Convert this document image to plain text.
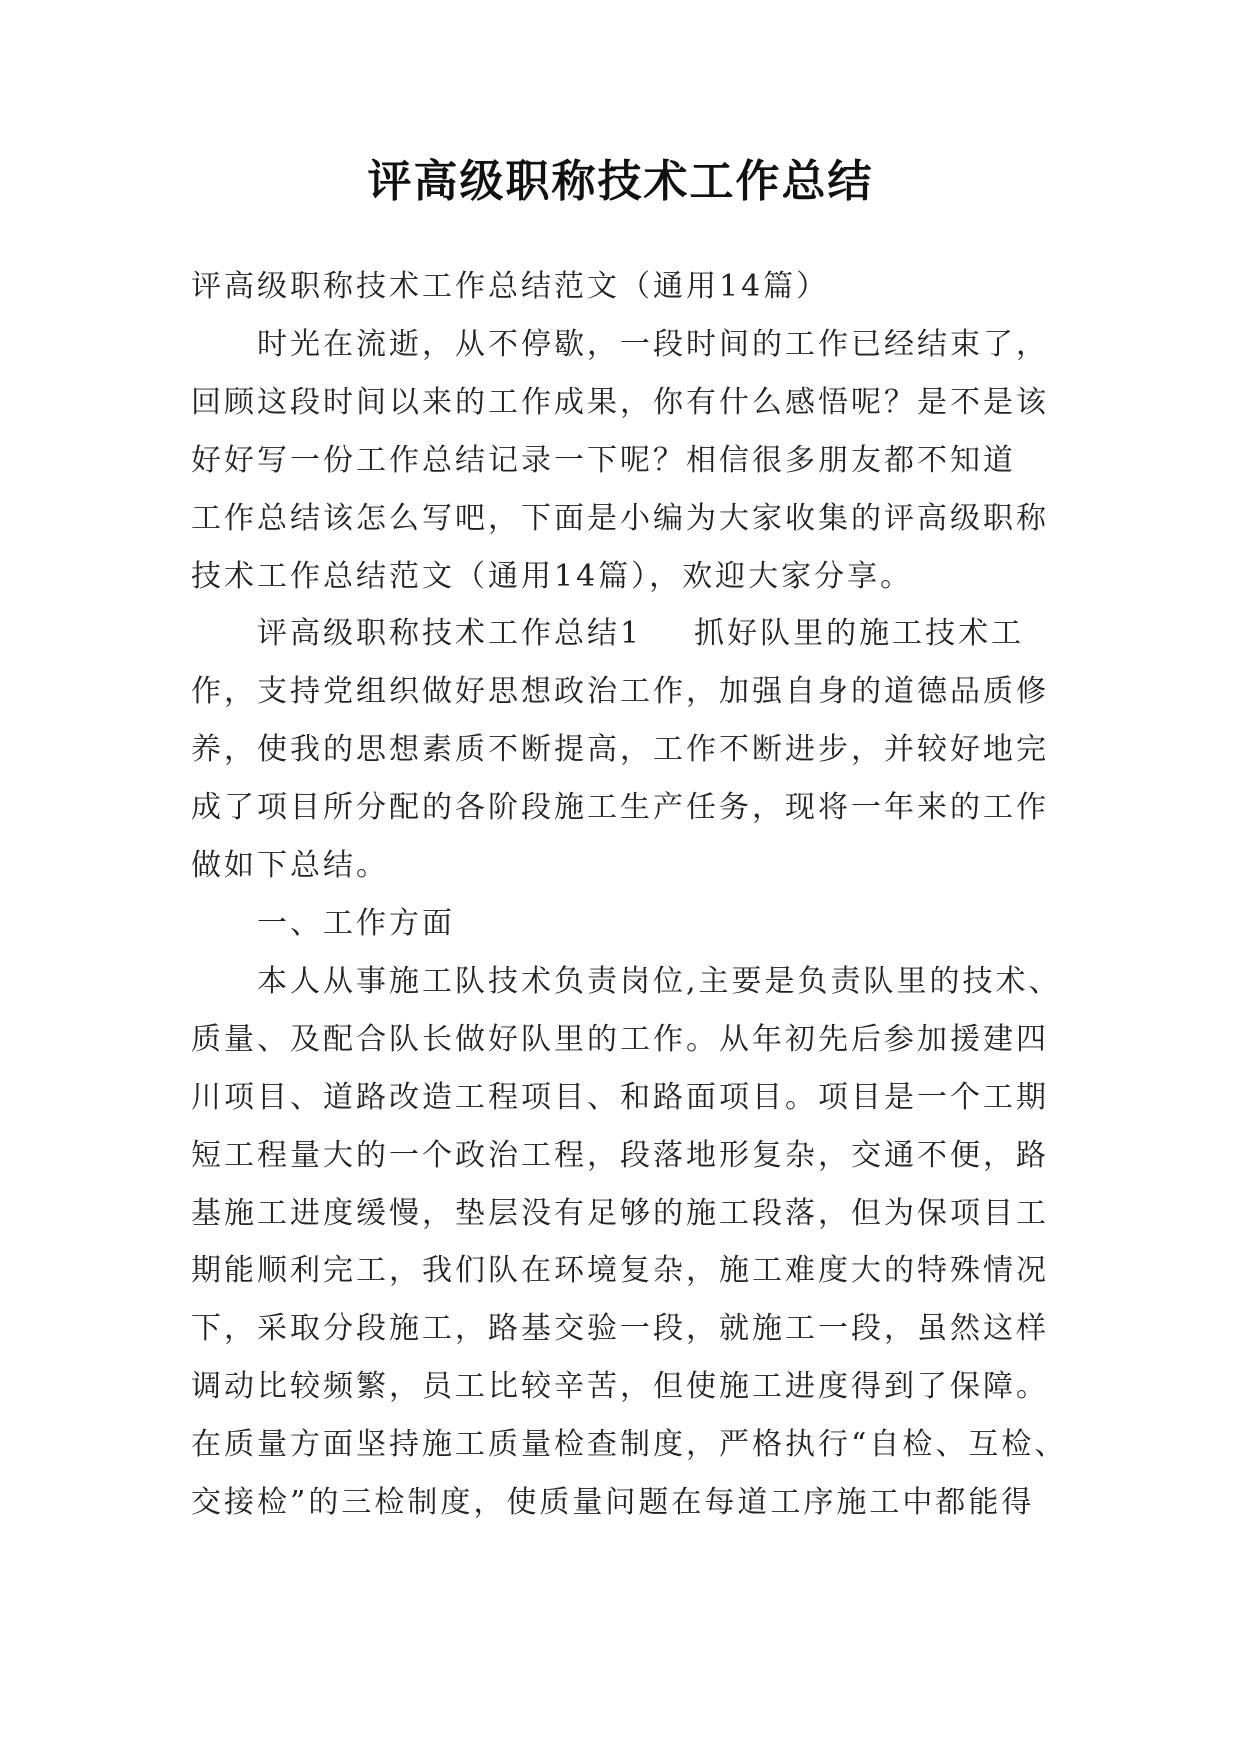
评高级职称技术工作总结

评高级职称技术工作总结范文（通用14篇）

　　时光在流逝，从不停歇，一段时间的工作已经结束了，

回顾这段时间以来的工作成果，你有什么感悟呢？是不是该

好好写一份工作总结记录一下呢？相信很多朋友都不知道

工作总结该怎么写吧，下面是小编为大家收集的评高级职称

技术工作总结范文（通用14篇），欢迎大家分享。

　　评高级职称技术工作总结1 抓好队里的施工技术工

作，支持党组织做好思想政治工作，加强自身的道德品质修

养，使我的思想素质不断提高，工作不断进步，并较好地完

成了项目所分配的各阶段施工生产任务，现将一年来的工作

做如下总结。

　　一、工作方面

　　本人从事施工队技术负责岗位,主要是负责队里的技术、

质量、及配合队长做好队里的工作。从年初先后参加援建四

川项目、道路改造工程项目、和路面项目。项目是一个工期

短工程量大的一个政治工程，段落地形复杂，交通不便，路

基施工进度缓慢，垫层没有足够的施工段落，但为保项目工

期能顺利完工，我们队在环境复杂，施工难度大的特殊情况

下，采取分段施工，路基交验一段，就施工一段，虽然这样

调动比较频繁，员工比较辛苦，但使施工进度得到了保障。

在质量方面坚持施工质量检查制度，严格执行“自检、互检、

交接检”的三检制度，使质量问题在每道工序施工中都能得
